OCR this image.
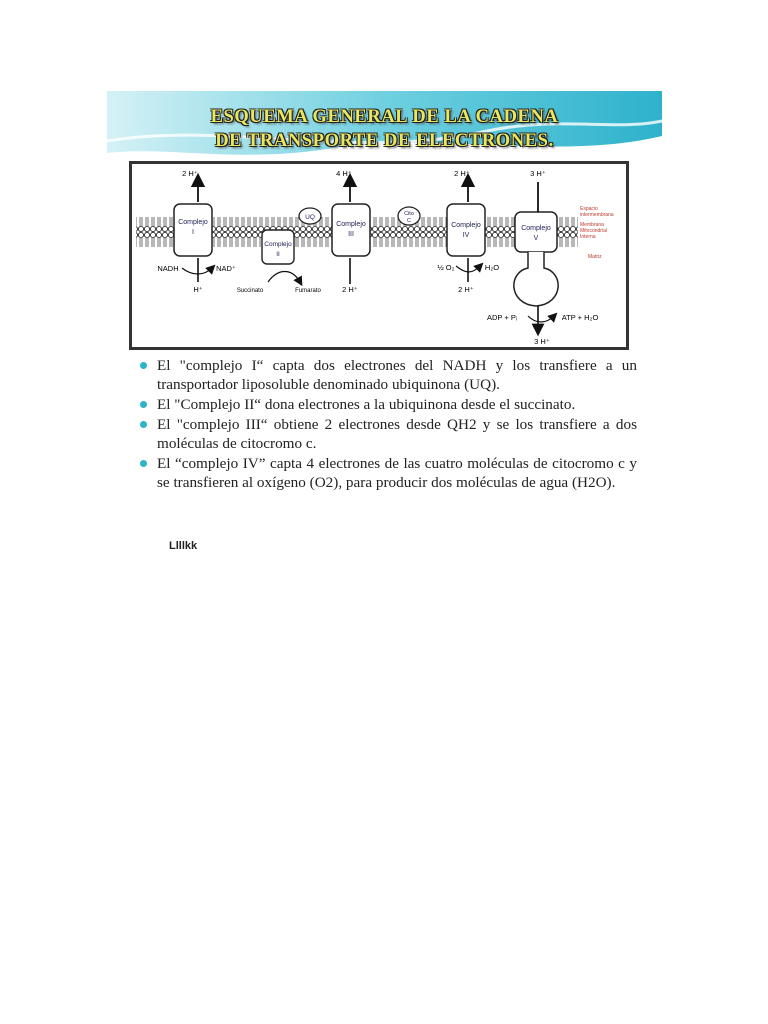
ESQUEMA GENERAL DE LA CADENA
DE TRANSPORTE DE ELECTRONES.
Complejo
I
Complejo
II
UQ
Complejo
III
Cito
C
Complejo
IV
Complejo
V
2 H⁺	4 H⁺	2 H⁺	3 H⁺
NADH	NAD⁺
H⁺	Succinato	Fumarato	2 H⁺
½ O₂	H₂O
2 H⁺
ADP + Pᵢ	ATP + H₂O
3 H⁺
Espacio
intermembrana
Membrana
Mitocondrial
Interna
Matriz
El "complejo I“ capta dos electrones del NADH y los transfiere a un transportador liposoluble denominado ubiquinona (UQ).
El "Complejo II“ dona electrones a la ubiquinona desde el succinato.
El "complejo III“ obtiene 2 electrones desde QH2 y se los transfiere a dos moléculas de citocromo c.
El “complejo IV” capta 4 electrones de las cuatro moléculas de citocromo c y se transfieren al oxígeno (O2), para producir dos moléculas de agua (H2O).
Llllkk
